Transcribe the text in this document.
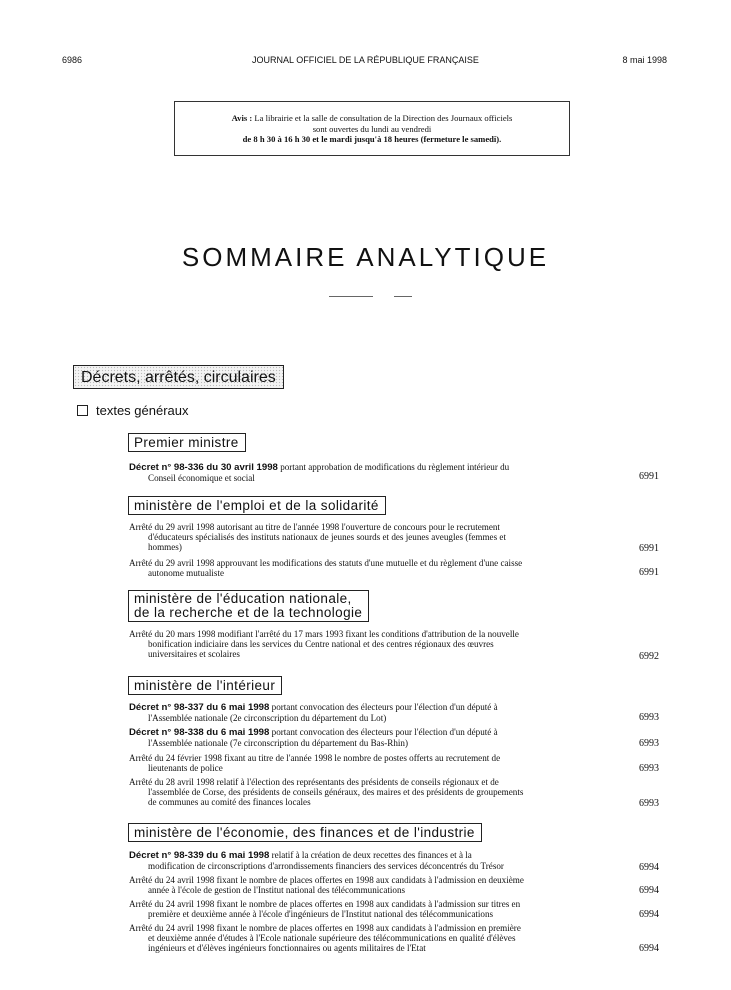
6986	JOURNAL OFFICIEL DE LA RÉPUBLIQUE FRANÇAISE	8 mai 1998
Avis : La librairie et la salle de consultation de la Direction des Journaux officiels
sont ouvertes du lundi au vendredi
de 8 h 30 à 16 h 30 et le mardi jusqu'à 18 heures (fermeture le samedi).
SOMMAIRE ANALYTIQUE
Décrets, arrêtés, circulaires
textes généraux
Premier ministre
Décret n° 98-336 du 30 avril 1998 portant approbation de modifications du règlement intérieur du
Conseil économique et social	6991
ministère de l'emploi et de la solidarité
Arrêté du 29 avril 1998 autorisant au titre de l'année 1998 l'ouverture de concours pour le recrutement
d'éducateurs spécialisés des instituts nationaux de jeunes sourds et des jeunes aveugles (femmes et
hommes)	6991
Arrêté du 29 avril 1998 approuvant les modifications des statuts d'une mutuelle et du règlement d'une caisse
autonome mutualiste	6991
ministère de l'éducation nationale,
de la recherche et de la technologie
Arrêté du 20 mars 1998 modifiant l'arrêté du 17 mars 1993 fixant les conditions d'attribution de la nouvelle
bonification indiciaire dans les services du Centre national et des centres régionaux des œuvres
universitaires et scolaires	6992
ministère de l'intérieur
Décret n° 98-337 du 6 mai 1998 portant convocation des électeurs pour l'élection d'un député à
l'Assemblée nationale (2e circonscription du département du Lot)	6993
Décret n° 98-338 du 6 mai 1998 portant convocation des électeurs pour l'élection d'un député à
l'Assemblée nationale (7e circonscription du département du Bas-Rhin)	6993
Arrêté du 24 février 1998 fixant au titre de l'année 1998 le nombre de postes offerts au recrutement de
lieutenants de police	6993
Arrêté du 28 avril 1998 relatif à l'élection des représentants des présidents de conseils régionaux et de
l'assemblée de Corse, des présidents de conseils généraux, des maires et des présidents de groupements
de communes au comité des finances locales	6993
ministère de l'économie, des finances et de l'industrie
Décret n° 98-339 du 6 mai 1998 relatif à la création de deux recettes des finances et à la
modification de circonscriptions d'arrondissements financiers des services déconcentrés du Trésor	6994
Arrêté du 24 avril 1998 fixant le nombre de places offertes en 1998 aux candidats à l'admission en deuxième
année à l'école de gestion de l'Institut national des télécommunications	6994
Arrêté du 24 avril 1998 fixant le nombre de places offertes en 1998 aux candidats à l'admission sur titres en
première et deuxième année à l'école d'ingénieurs de l'Institut national des télécommunications	6994
Arrêté du 24 avril 1998 fixant le nombre de places offertes en 1998 aux candidats à l'admission en première
et deuxième année d'études à l'Ecole nationale supérieure des télécommunications en qualité d'élèves
ingénieurs et d'élèves ingénieurs fonctionnaires ou agents militaires de l'Etat	6994
